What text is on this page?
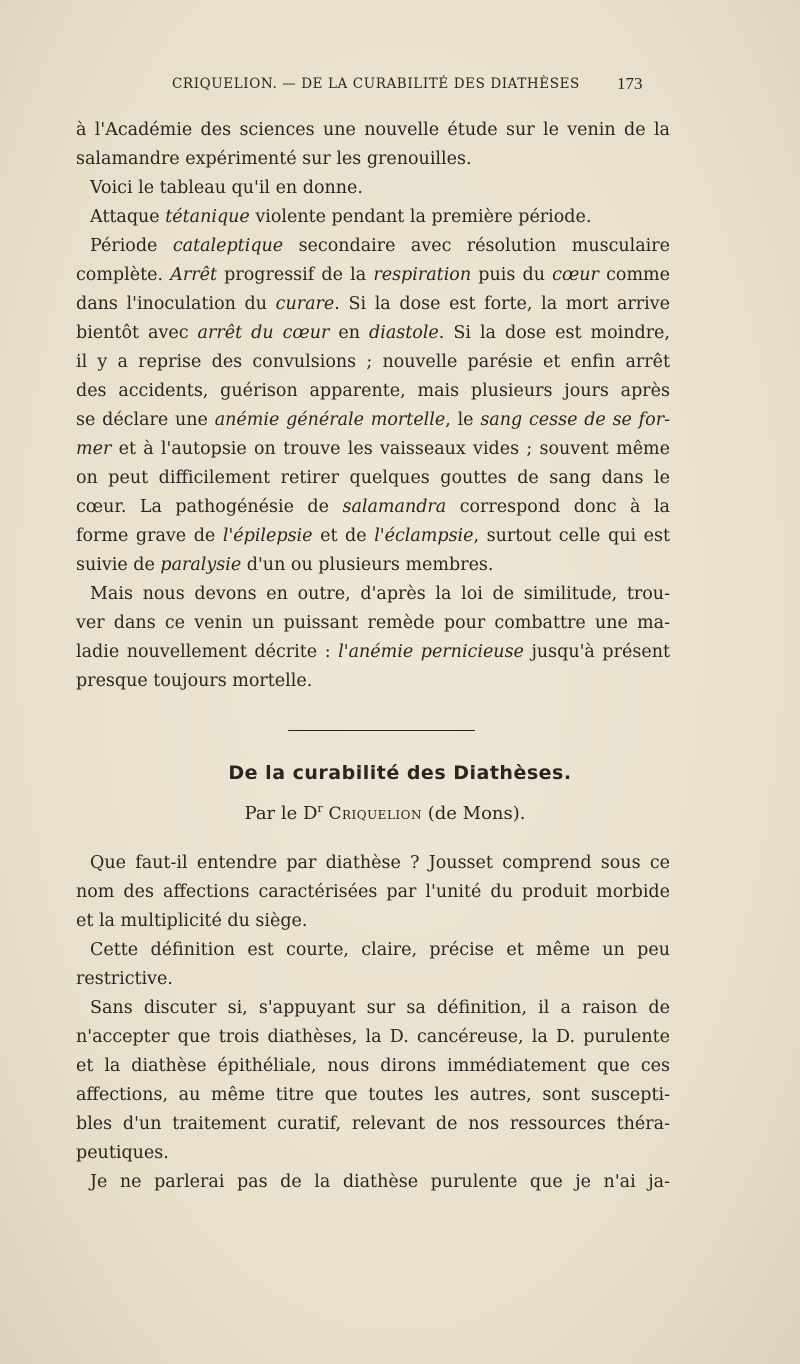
CRIQUELION. — DE LA CURABILITÉ DES DIATHÈSES	173
à l'Académie des sciences une nouvelle étude sur le venin de la
salamandre expérimenté sur les grenouilles.
Voici le tableau qu'il en donne.
Attaque tétanique violente pendant la première période.
Période cataleptique secondaire avec résolution musculaire
complète. Arrêt progressif de la respiration puis du cœur comme
dans l'inoculation du curare. Si la dose est forte, la mort arrive
bientôt avec arrêt du cœur en diastole. Si la dose est moindre,
il y a reprise des convulsions ; nouvelle parésie et enfin arrêt
des accidents, guérison apparente, mais plusieurs jours après
se déclare une anémie générale mortelle, le sang cesse de se for-
mer et à l'autopsie on trouve les vaisseaux vides ; souvent même
on peut difficilement retirer quelques gouttes de sang dans le
cœur. La pathogénésie de salamandra correspond donc à la
forme grave de l'épilepsie et de l'éclampsie, surtout celle qui est
suivie de paralysie d'un ou plusieurs membres.
Mais nous devons en outre, d'après la loi de similitude, trou-
ver dans ce venin un puissant remède pour combattre une ma-
ladie nouvellement décrite : l'anémie pernicieuse jusqu'à présent
presque toujours mortelle.
De la curabilité des Diathèses.
Par le $D^r$ Criquelion (de Mons).
Que faut-il entendre par diathèse ? Jousset comprend sous ce
nom des affections caractérisées par l'unité du produit morbide
et la multiplicité du siège.
Cette définition est courte, claire, précise et même un peu
restrictive.
Sans discuter si, s'appuyant sur sa définition, il a raison de
n'accepter que trois diathèses, la D. cancéreuse, la D. purulente
et la diathèse épithéliale, nous dirons immédiatement que ces
affections, au même titre que toutes les autres, sont suscepti-
bles d'un traitement curatif, relevant de nos ressources théra-
peutiques.
Je ne parlerai pas de la diathèse purulente que je n'ai ja-
